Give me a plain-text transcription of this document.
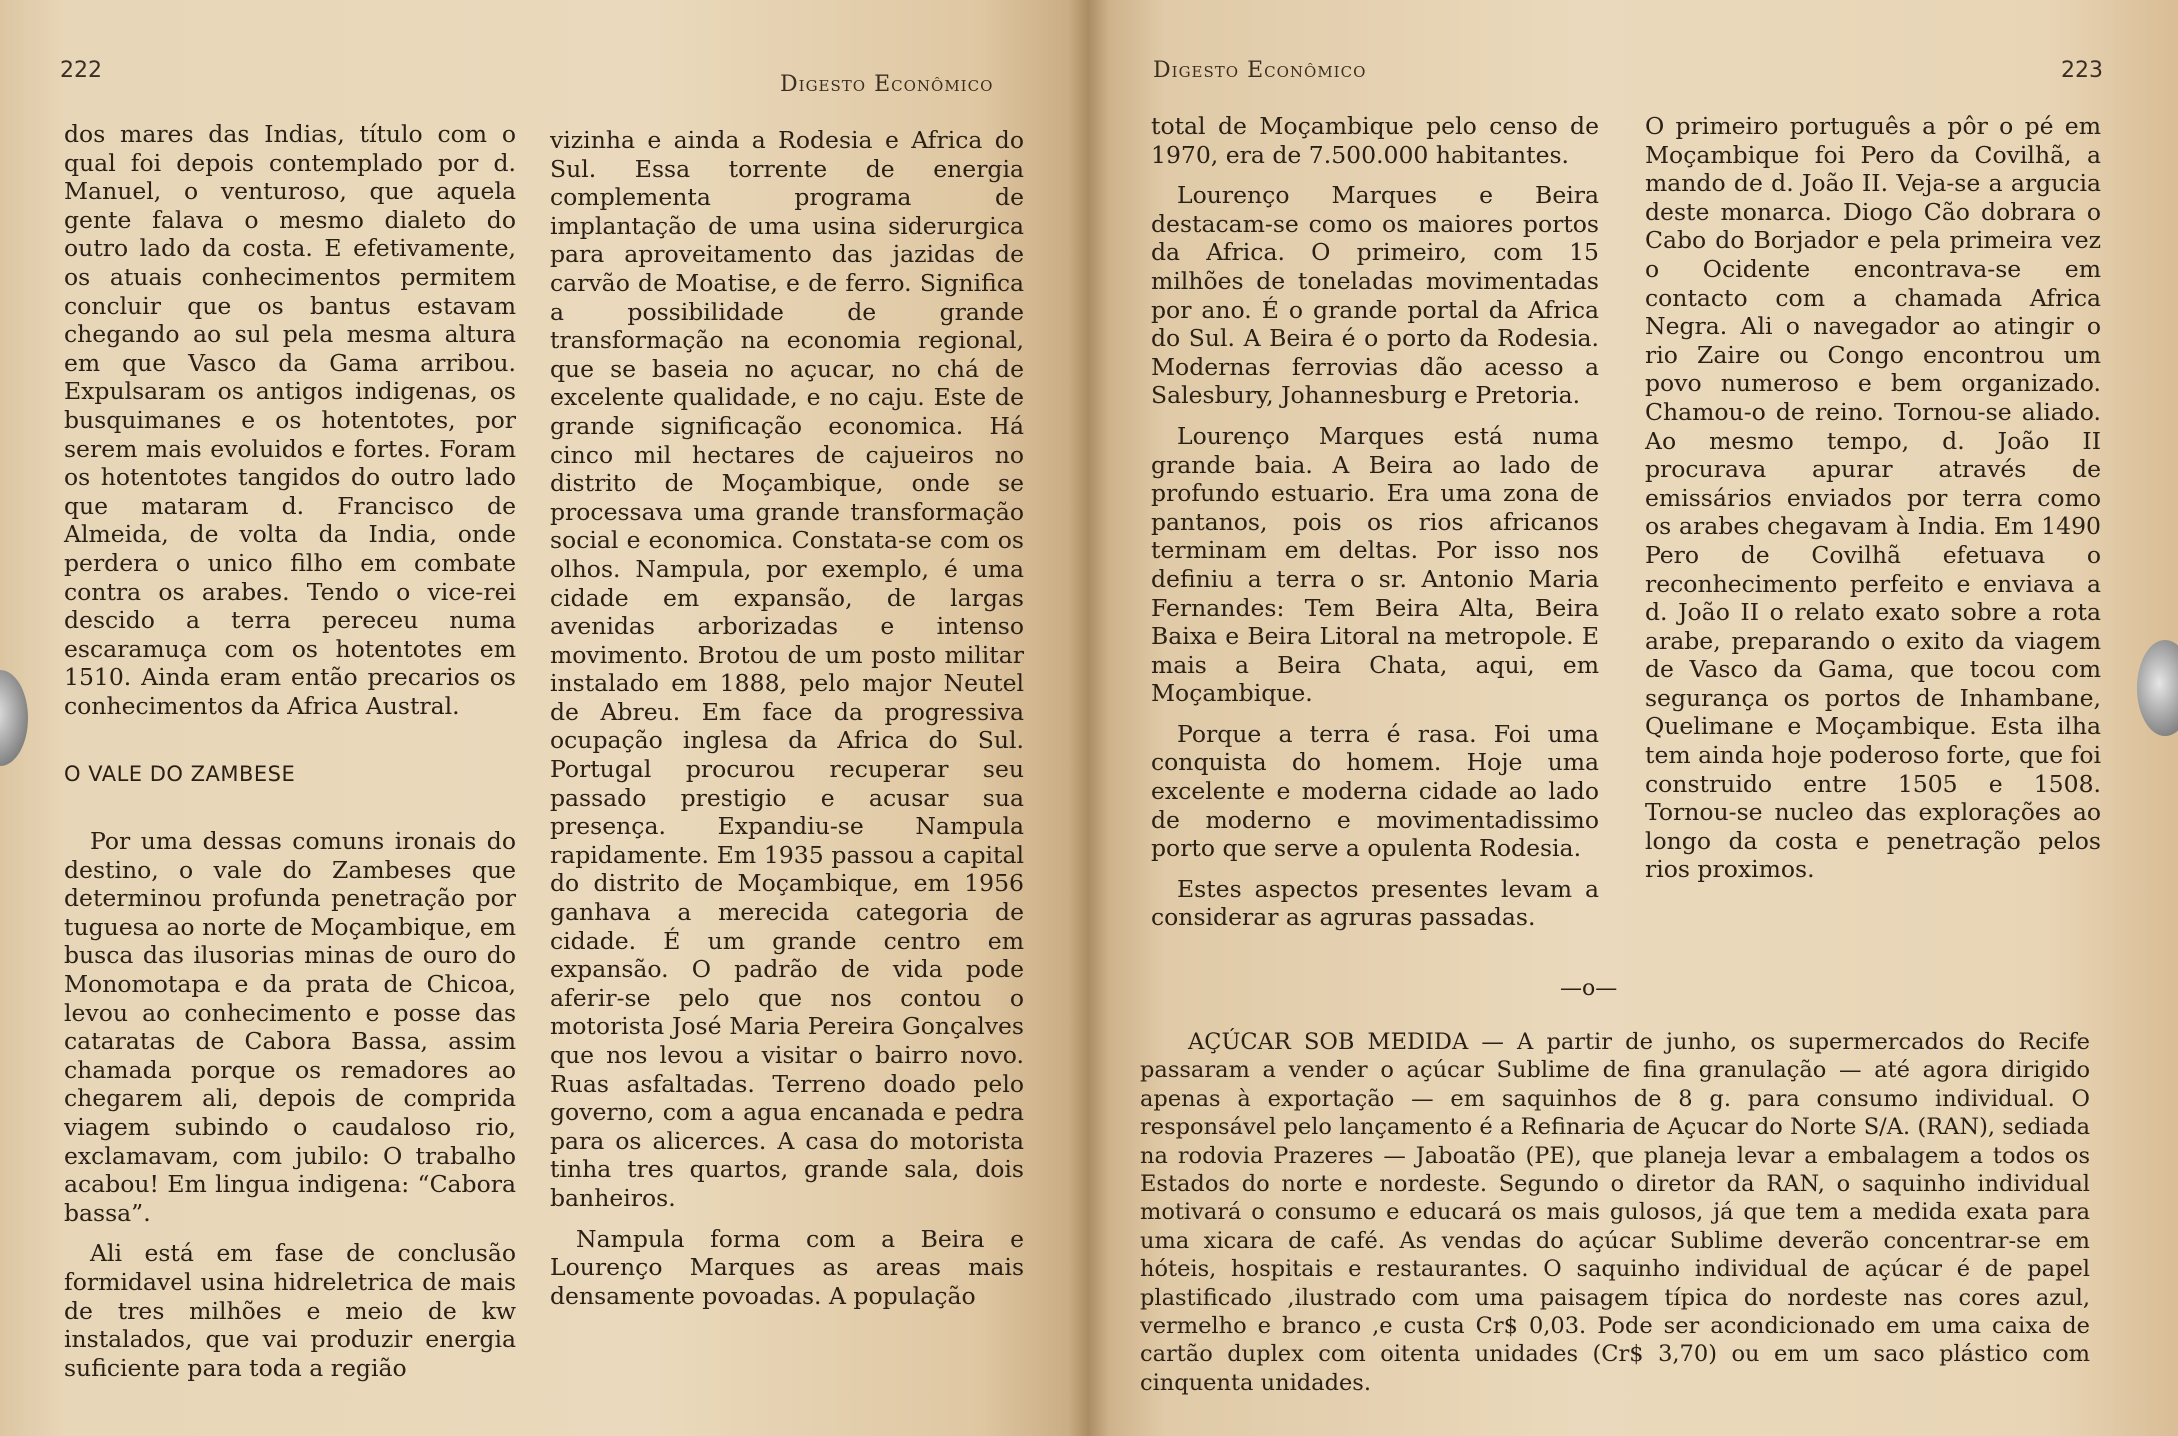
222
Digesto Econômico

dos mares das Indias, título com o qual foi depois contemplado por d. Manuel, o venturoso, que aquela gente falava o mesmo dialeto do outro lado da costa. E efetivamente, os atuais conhecimentos permitem concluir que os bantus estavam chegando ao sul pela mesma altura em que Vasco da Gama arribou. Expulsaram os antigos indigenas, os busquimanes e os hotentotes, por serem mais evoluidos e fortes. Foram os hotentotes tangidos do outro lado que mataram d. Francisco de Almeida, de volta da India, onde perdera o unico filho em combate contra os arabes. Tendo o vice-rei descido a terra pereceu numa escaramuça com os hotentotes em 1510. Ainda eram então precarios os conhecimentos da Africa Austral.

O VALE DO ZAMBESE

Por uma dessas comuns ironais do destino, o vale do Zambeses que determinou profunda penetração por tuguesa ao norte de Moçambique, em busca das ilusorias minas de ouro do Monomotapa e da prata de Chicoa, levou ao conhecimento e posse das cataratas de Cabora Bassa, assim chamada porque os remadores ao chegarem ali, depois de comprida viagem subindo o caudaloso rio, exclamavam, com jubilo: O trabalho acabou! Em lingua indigena: “Cabora bassa”.

Ali está em fase de conclusão formidavel usina hidreletrica de mais de tres milhões e meio de kw instalados, que vai produzir energia suficiente para toda a região

vizinha e ainda a Rodesia e Africa do Sul. Essa torrente de energia complementa programa de implantação de uma usina siderurgica para aproveitamento das jazidas de carvão de Moatise, e de ferro. Significa a possibilidade de grande transformação na economia regional, que se baseia no açucar, no chá de excelente qualidade, e no caju. Este de grande significação economica. Há cinco mil hectares de cajueiros no distrito de Moçambique, onde se processava uma grande transformação social e economica. Constata-se com os olhos. Nampula, por exemplo, é uma cidade em expansão, de largas avenidas arborizadas e intenso movimento. Brotou de um posto militar instalado em 1888, pelo major Neutel de Abreu. Em face da progressiva ocupação inglesa da Africa do Sul. Portugal procurou recuperar seu passado prestigio e acusar sua presença. Expandiu-se Nampula rapidamente. Em 1935 passou a capital do distrito de Moçambique, em 1956 ganhava a merecida categoria de cidade. É um grande centro em expansão. O padrão de vida pode aferir-se pelo que nos contou o motorista José Maria Pereira Gonçalves que nos levou a visitar o bairro novo. Ruas asfaltadas. Terreno doado pelo governo, com a agua encanada e pedra para os alicerces. A casa do motorista tinha tres quartos, grande sala, dois banheiros.

Nampula forma com a Beira e Lourenço Marques as areas mais densamente povoadas. A população

Digesto Econômico	223

total de Moçambique pelo censo de 1970, era de 7.500.000 habitantes.

Lourenço Marques e Beira destacam-se como os maiores portos da Africa. O primeiro, com 15 milhões de toneladas movimentadas por ano. É o grande portal da Africa do Sul. A Beira é o porto da Rodesia. Modernas ferrovias dão acesso a Salesbury, Johannesburg e Pretoria.

Lourenço Marques está numa grande baia. A Beira ao lado de profundo estuario. Era uma zona de pantanos, pois os rios africanos terminam em deltas. Por isso nos definiu a terra o sr. Antonio Maria Fernandes: Tem Beira Alta, Beira Baixa e Beira Litoral na metropole. E mais a Beira Chata, aqui, em Moçambique.

Porque a terra é rasa. Foi uma conquista do homem. Hoje uma excelente e moderna cidade ao lado de moderno e movimentadissimo porto que serve a opulenta Rodesia.

Estes aspectos presentes levam a considerar as agruras passadas.

O primeiro português a pôr o pé em Moçambique foi Pero da Covilhã, a mando de d. João II. Veja-se a argucia deste monarca. Diogo Cão dobrara o Cabo do Borjador e pela primeira vez o Ocidente encontrava-se em contacto com a chamada Africa Negra. Ali o navegador ao atingir o rio Zaire ou Congo encontrou um povo numeroso e bem organizado. Chamou-o de reino. Tornou-se aliado. Ao mesmo tempo, d. João II procurava apurar através de emissários enviados por terra como os arabes chegavam à India. Em 1490 Pero de Covilhã efetuava o reconhecimento perfeito e enviava a d. João II o relato exato sobre a rota arabe, preparando o exito da viagem de Vasco da Gama, que tocou com segurança os portos de Inhambane, Quelimane e Moçambique. Esta ilha tem ainda hoje poderoso forte, que foi construido entre 1505 e 1508. Tornou-se nucleo das explorações ao longo da costa e penetração pelos rios proximos.

—o—

AÇÚCAR SOB MEDIDA — A partir de junho, os supermercados do Recife passaram a vender o açúcar Sublime de fina granulação — até agora dirigido apenas à exportação — em saquinhos de 8 g. para consumo individual. O responsável pelo lançamento é a Refinaria de Açucar do Norte S/A. (RAN), sediada na rodovia Prazeres — Jaboatão (PE), que planeja levar a embalagem a todos os Estados do norte e nordeste. Segundo o diretor da RAN, o saquinho individual motivará o consumo e educará os mais gulosos, já que tem a medida exata para uma xicara de café. As vendas do açúcar Sublime deverão concentrar-se em hóteis, hospitais e restaurantes. O saquinho individual de açúcar é de papel plastificado ,ilustrado com uma paisagem típica do nordeste nas cores azul, vermelho e branco ,e custa Cr$ 0,03. Pode ser acondicionado em uma caixa de cartão duplex com oitenta unidades (Cr$ 3,70) ou em um saco plástico com cinquenta unidades.
